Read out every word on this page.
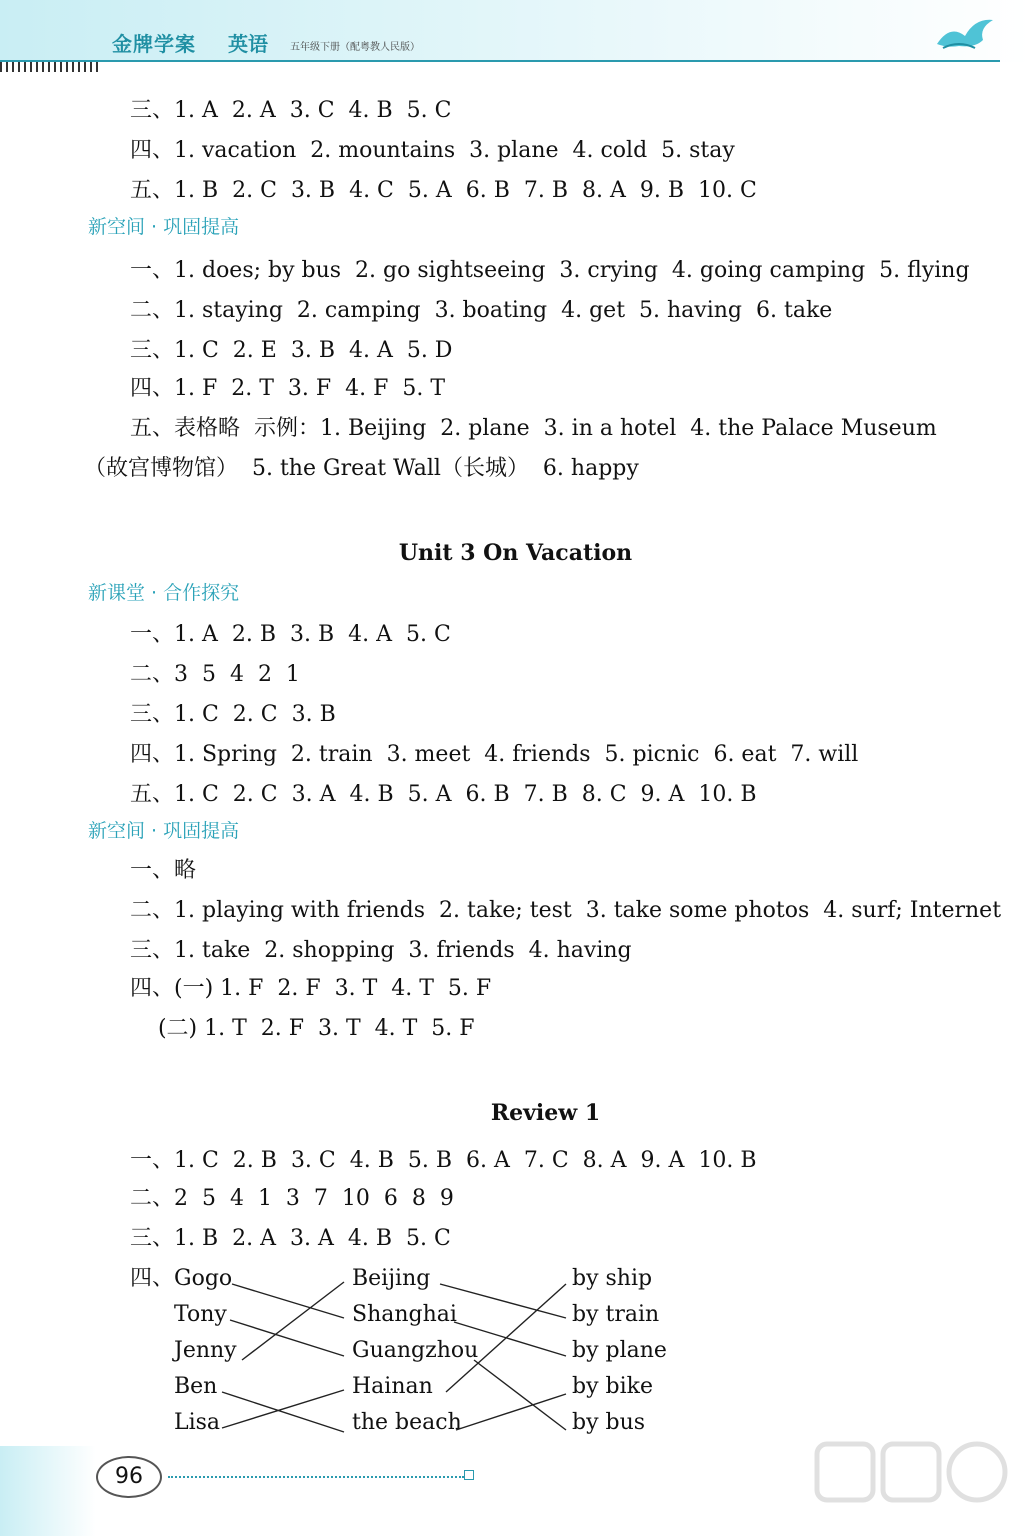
金牌学案 英语 五年级下册（配粤教人民版）
三、1. A  2. A  3. C  4. B  5. C
四、1. vacation  2. mountains  3. plane  4. cold  5. stay
五、1. B  2. C  3. B  4. C  5. A  6. B  7. B  8. A  9. B  10. C
新空间 · 巩固提高
一、1. does; by bus  2. go sightseeing  3. crying  4. going camping  5. flying
二、1. staying  2. camping  3. boating  4. get  5. having  6. take
三、1. C  2. E  3. B  4. A  5. D
四、1. F  2. T  3. F  4. F  5. T
五、表格略  示例：1. Beijing  2. plane  3. in a hotel  4. the Palace Museum
（故宫博物馆）  5. the Great Wall（长城）  6. happy
Unit 3 On Vacation
新课堂 · 合作探究
一、1. A  2. B  3. B  4. A  5. C
二、3  5  4  2  1
三、1. C  2. C  3. B
四、1. Spring  2. train  3. meet  4. friends  5. picnic  6. eat  7. will
五、1. C  2. C  3. A  4. B  5. A  6. B  7. B  8. C  9. A  10. B
新空间 · 巩固提高
一、略
二、1. playing with friends  2. take; test  3. take some photos  4. surf; Internet
三、1. take  2. shopping  3. friends  4. having
四、(一) 1. F  2. F  3. T  4. T  5. F
(二) 1. T  2. F  3. T  4. T  5. F
Review 1
一、1. C  2. B  3. C  4. B  5. B  6. A  7. C  8. A  9. A  10. B
二、2  5  4  1  3  7  10  6  8  9
三、1. B  2. A  3. A  4. B  5. C
四、 Gogo
Tony
Jenny
Ben
Lisa
Beijing
Shanghai
Guangzhou
Hainan
the beach
by ship
by train
by plane
by bike
by bus
96
